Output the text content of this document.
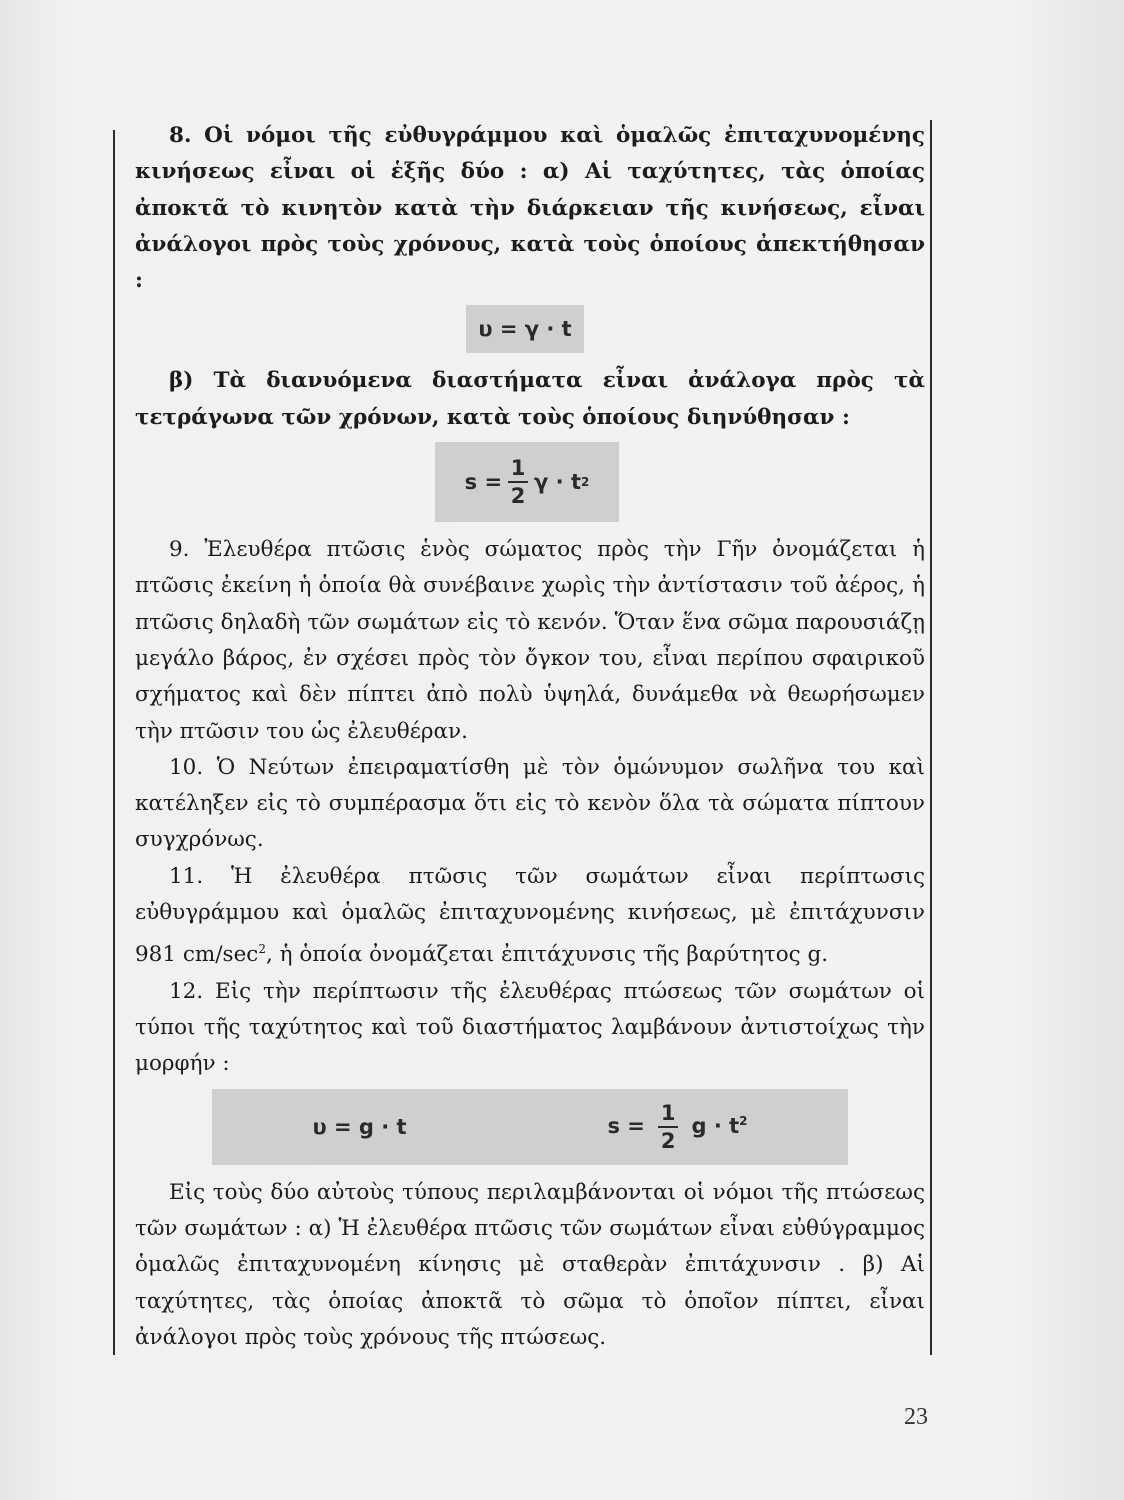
8. Οἱ νόμοι τῆς εὐθυγράμμου καὶ ὁμαλῶς ἐπιταχυνομένης κινήσεως εἶναι οἱ ἑξῆς δύο : α) Αἱ ταχύτητες, τὰς ὁποίας ἀποκτᾶ τὸ κινητὸν κατὰ τὴν διάρκειαν τῆς κινήσεως, εἶναι ἀνάλογοι πρὸς τοὺς χρόνους, κατὰ τοὺς ὁποίους ἀπεκτήθησαν :

υ = γ · t

β) Τὰ διανυόμενα διαστήματα εἶναι ἀνάλογα πρὸς τὰ τετράγωνα τῶν χρόνων, κατὰ τοὺς ὁποίους διηνύθησαν :

$s = \frac{1}{2}$ γ · t 2

9. Ἐλευθέρα πτῶσις ἑνὸς σώματος πρὸς τὴν Γῆν ὀνομάζεται ἡ πτῶσις ἐκείνη ἡ ὁποία θὰ συνέβαινε χωρὶς τὴν ἀντίστασιν τοῦ ἀέρος, ἡ πτῶσις δηλαδὴ τῶν σωμάτων εἰς τὸ κενόν. Ὅταν ἕνα σῶμα παρουσιάζῃ μεγάλο βάρος, ἐν σχέσει πρὸς τὸν ὄγκον του, εἶναι περίπου σφαιρικοῦ σχήματος καὶ δὲν πίπτει ἀπὸ πολὺ ὑψηλά, δυνάμεθα νὰ θεωρήσωμεν τὴν πτῶσιν του ὡς ἐλευθέραν.

10. Ὁ Νεύτων ἐπειραματίσθη μὲ τὸν ὁμώνυμον σωλῆνα του καὶ κατέληξεν εἰς τὸ συμπέρασμα ὅτι εἰς τὸ κενὸν ὅλα τὰ σώματα πίπτουν συγχρόνως.

11. Ἡ ἐλευθέρα πτῶσις τῶν σωμάτων εἶναι περίπτωσις εὐθυγράμμου καὶ ὁμαλῶς ἐπιταχυνομένης κινήσεως, μὲ ἐπιτάχυνσιν 981 $cm/\sec^2$, ἡ ὁποία ὀνομάζεται ἐπιτάχυνσις τῆς βαρύτητος g.

12. Εἰς τὴν περίπτωσιν τῆς ἐλευθέρας πτώσεως τῶν σωμάτων οἱ τύποι τῆς ταχύτητος καὶ τοῦ διαστήματος λαμβάνουν ἀντιστοίχως τὴν μορφήν :

υ = g · t	$s = \frac{1}{2}$ $g \cdot t^2$

Εἰς τοὺς δύο αὐτοὺς τύπους περιλαμβάνονται οἱ νόμοι τῆς πτώσεως τῶν σωμάτων : α) Ἡ ἐλευθέρα πτῶσις τῶν σωμάτων εἶναι εὐθύγραμμος ὁμαλῶς ἐπιταχυνομένη κίνησις μὲ σταθερὰν ἐπιτάχυνσιν . β) Αἱ ταχύτητες, τὰς ὁποίας ἀποκτᾶ τὸ σῶμα τὸ ὁποῖον πίπτει, εἶναι ἀνάλογοι πρὸς τοὺς χρόνους τῆς πτώσεως.

23
